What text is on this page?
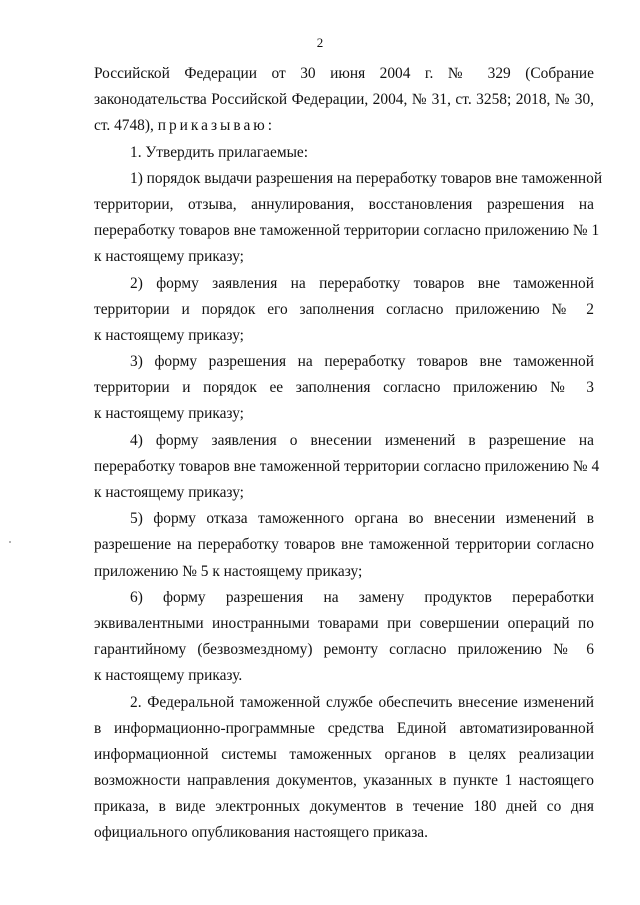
2
Российской Федерации от 30 июня 2004 г. № 329 (Собрание
законодательства Российской Федерации, 2004, № 31, ст. 3258; 2018, № 30,
ст. 4748), приказываю:
1. Утвердить прилагаемые:
1) порядок выдачи разрешения на переработку товаров вне таможенной
территории, отзыва, аннулирования, восстановления разрешения на
переработку товаров вне таможенной территории согласно приложению № 1
к настоящему приказу;
2) форму заявления на переработку товаров вне таможенной
территории и порядок его заполнения согласно приложению № 2
к настоящему приказу;
3) форму разрешения на переработку товаров вне таможенной
территории и порядок ее заполнения согласно приложению № 3
к настоящему приказу;
4) форму заявления о внесении изменений в разрешение на
переработку товаров вне таможенной территории согласно приложению № 4
к настоящему приказу;
5) форму отказа таможенного органа во внесении изменений в
разрешение на переработку товаров вне таможенной территории согласно
приложению № 5 к настоящему приказу;
6) форму разрешения на замену продуктов переработки
эквивалентными иностранными товарами при совершении операций по
гарантийному (безвозмездному) ремонту согласно приложению № 6
к настоящему приказу.
2. Федеральной таможенной службе обеспечить внесение изменений
в информационно-программные средства Единой автоматизированной
информационной системы таможенных органов в целях реализации
возможности направления документов, указанных в пункте 1 настоящего
приказа, в виде электронных документов в течение 180 дней со дня
официального опубликования настоящего приказа.
